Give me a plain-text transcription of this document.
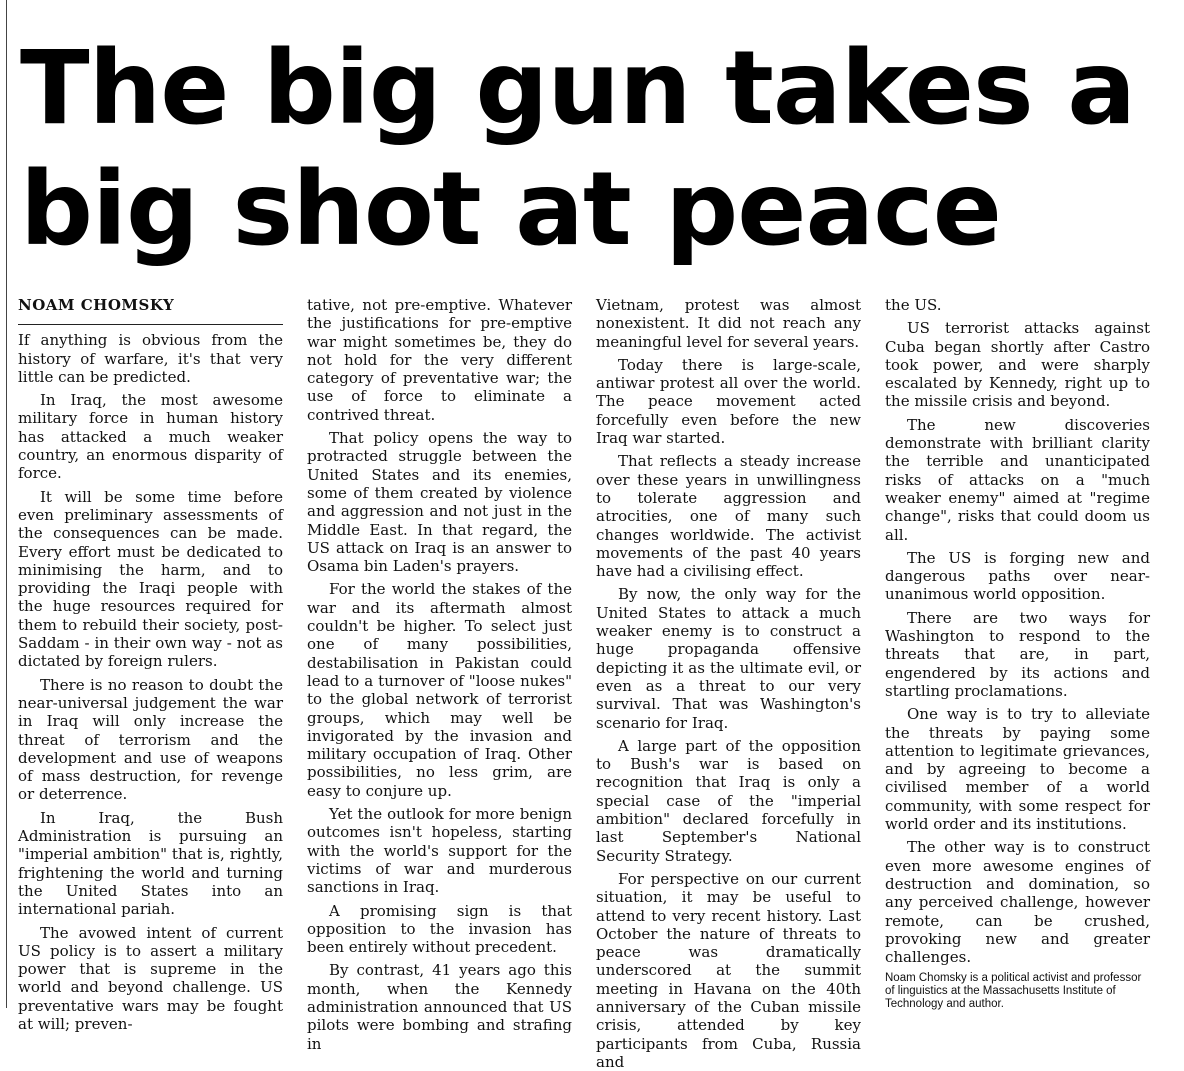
The big gun takes a
big shot at peace
NOAM CHOMSKY

If anything is obvious from the history of warfare, it's that very little can be predicted.

In Iraq, the most awesome military force in human history has attacked a much weaker country, an enormous disparity of force.

It will be some time before even preliminary assessments of the consequences can be made. Every effort must be dedicated to minimising the harm, and to providing the Iraqi people with the huge resources required for them to rebuild their society, post-Saddam - in their own way - not as dictated by foreign rulers.

There is no reason to doubt the near-universal judgement the war in Iraq will only increase the threat of terrorism and the development and use of weapons of mass destruction, for revenge or deterrence.

In Iraq, the Bush Administration is pursuing an "imperial ambition" that is, rightly, frightening the world and turning the United States into an international pariah.

The avowed intent of current US policy is to assert a military power that is supreme in the world and beyond challenge. US preventative wars may be fought at will; preven-

tative, not pre-emptive. Whatever the justifications for pre-emptive war might sometimes be, they do not hold for the very different category of preventative war; the use of force to eliminate a contrived threat.

That policy opens the way to protracted struggle between the United States and its enemies, some of them created by violence and aggression and not just in the Middle East. In that regard, the US attack on Iraq is an answer to Osama bin Laden's prayers.

For the world the stakes of the war and its aftermath almost couldn't be higher. To select just one of many possibilities, destabilisation in Pakistan could lead to a turnover of "loose nukes" to the global network of terrorist groups, which may well be invigorated by the invasion and military occupation of Iraq. Other possibilities, no less grim, are easy to conjure up.

Yet the outlook for more benign outcomes isn't hopeless, starting with the world's support for the victims of war and murderous sanctions in Iraq.

A promising sign is that opposition to the invasion has been entirely without precedent.

By contrast, 41 years ago this month, when the Kennedy administration announced that US pilots were bombing and strafing in

Vietnam, protest was almost nonexistent. It did not reach any meaningful level for several years.

Today there is large-scale, antiwar protest all over the world. The peace movement acted forcefully even before the new Iraq war started.

That reflects a steady increase over these years in unwillingness to tolerate aggression and atrocities, one of many such changes worldwide. The activist movements of the past 40 years have had a civilising effect.

By now, the only way for the United States to attack a much weaker enemy is to construct a huge propaganda offensive depicting it as the ultimate evil, or even as a threat to our very survival. That was Washington's scenario for Iraq.

A large part of the opposition to Bush's war is based on recognition that Iraq is only a special case of the "imperial ambition" declared forcefully in last September's National Security Strategy.

For perspective on our current situation, it may be useful to attend to very recent history. Last October the nature of threats to peace was dramatically underscored at the summit meeting in Havana on the 40th anniversary of the Cuban missile crisis, attended by key participants from Cuba, Russia and

the US.

US terrorist attacks against Cuba began shortly after Castro took power, and were sharply escalated by Kennedy, right up to the missile crisis and beyond.

The new discoveries demonstrate with brilliant clarity the terrible and unanticipated risks of attacks on a "much weaker enemy" aimed at "regime change", risks that could doom us all.

The US is forging new and dangerous paths over near-unanimous world opposition.

There are two ways for Washington to respond to the threats that are, in part, engendered by its actions and startling proclamations.

One way is to try to alleviate the threats by paying some attention to legitimate grievances, and by agreeing to become a civilised member of a world community, with some respect for world order and its institutions.

The other way is to construct even more awesome engines of destruction and domination, so any perceived challenge, however remote, can be crushed, provoking new and greater challenges.

Noam Chomsky is a political activist and professor of linguistics at the Massachusetts Institute of Technology and author.
